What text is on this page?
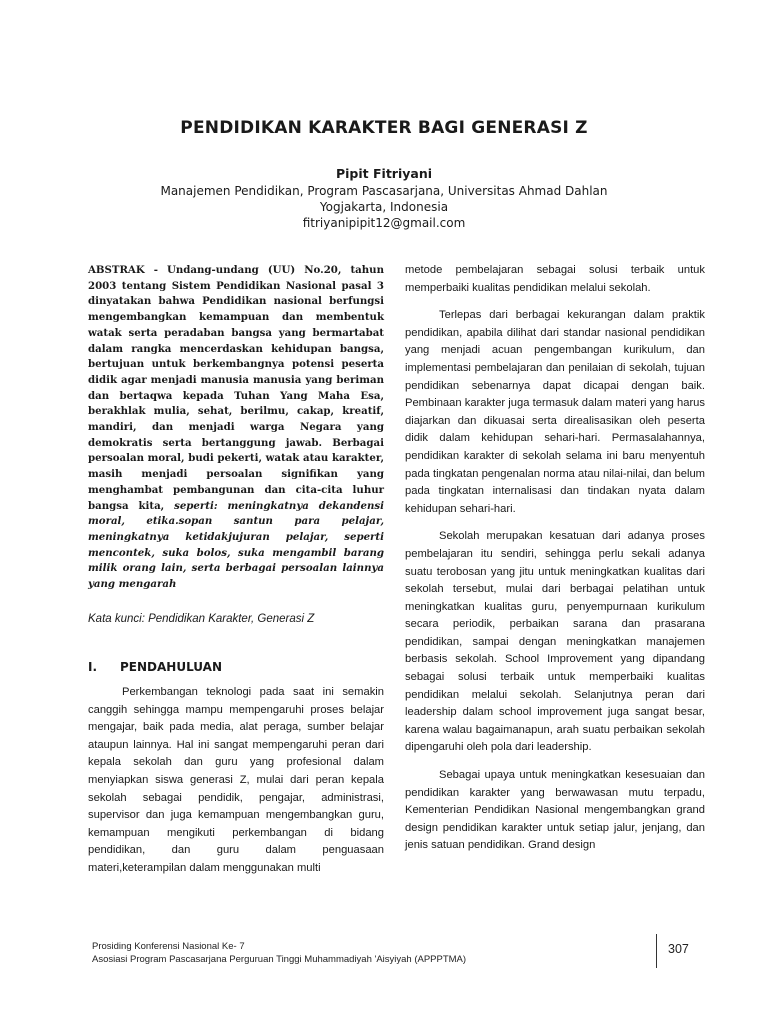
PENDIDIKAN KARAKTER BAGI GENERASI Z
Pipit Fitriyani
Manajemen Pendidikan, Program Pascasarjana, Universitas Ahmad Dahlan
Yogjakarta, Indonesia
fitriyanipipit12@gmail.com

ABSTRAK - Undang-undang (UU) No.20, tahun 2003 tentang Sistem Pendidikan Nasional pasal 3 dinyatakan bahwa Pendidikan nasional berfungsi mengembangkan kemampuan dan membentuk watak serta peradaban bangsa yang bermartabat dalam rangka mencerdaskan kehidupan bangsa, bertujuan untuk berkembangnya potensi peserta didik agar menjadi manusia manusia yang beriman dan bertaqwa kepada Tuhan Yang Maha Esa, berakhlak mulia, sehat, berilmu, cakap, kreatif, mandiri, dan menjadi warga Negara yang demokratis serta bertanggung jawab. Berbagai persoalan moral, budi pekerti, watak atau karakter, masih menjadi persoalan signifikan yang menghambat pembangunan dan cita-cita luhur bangsa kita, seperti: meningkatnya dekandensi moral, etika.sopan santun para pelajar, meningkatnya ketidakjujuran pelajar, seperti mencontek, suka bolos, suka mengambil barang milik orang lain, serta berbagai persoalan lainnya yang mengarah

Kata kunci: Pendidikan Karakter, Generasi Z
I. PENDAHULUAN

Perkembangan teknologi pada saat ini semakin canggih sehingga mampu mempengaruhi proses belajar mengajar, baik pada media, alat peraga, sumber belajar ataupun lainnya. Hal ini sangat mempengaruhi peran dari kepala sekolah dan guru yang profesional dalam menyiapkan siswa generasi Z, mulai dari peran kepala sekolah sebagai pendidik, pengajar, administrasi, supervisor dan juga kemampuan mengembangkan guru, kemampuan mengikuti perkembangan di bidang pendidikan, dan guru dalam penguasaan materi,keterampilan dalam menggunakan multi

metode pembelajaran sebagai solusi terbaik untuk memperbaiki kualitas pendidikan melalui sekolah.

Terlepas dari berbagai kekurangan dalam praktik pendidikan, apabila dilihat dari standar nasional pendidikan yang menjadi acuan pengembangan kurikulum, dan implementasi pembelajaran dan penilaian di sekolah, tujuan pendidikan sebenarnya dapat dicapai dengan baik. Pembinaan karakter juga termasuk dalam materi yang harus diajarkan dan dikuasai serta direalisasikan oleh peserta didik dalam kehidupan sehari-hari. Permasalahannya, pendidikan karakter di sekolah selama ini baru menyentuh pada tingkatan pengenalan norma atau nilai-nilai, dan belum pada tingkatan internalisasi dan tindakan nyata dalam kehidupan sehari-hari.

Sekolah merupakan kesatuan dari adanya proses pembelajaran itu sendiri, sehingga perlu sekali adanya suatu terobosan yang jitu untuk meningkatkan kualitas dari sekolah tersebut, mulai dari berbagai pelatihan untuk meningkatkan kualitas guru, penyempurnaan kurikulum secara periodik, perbaikan sarana dan prasarana pendidikan, sampai dengan meningkatkan manajemen berbasis sekolah. School Improvement yang dipandang sebagai solusi terbaik untuk memperbaiki kualitas pendidikan melalui sekolah. Selanjutnya peran dari leadership dalam school improvement juga sangat besar, karena walau bagaimanapun, arah suatu perbaikan sekolah dipengaruhi oleh pola dari leadership.

Sebagai upaya untuk meningkatkan kesesuaian dan pendidikan karakter yang berwawasan mutu terpadu, Kementerian Pendidikan Nasional mengembangkan grand design pendidikan karakter untuk setiap jalur, jenjang, dan jenis satuan pendidikan. Grand design

Prosiding Konferensi Nasional Ke- 7
Asosiasi Program Pascasarjana Perguruan Tinggi Muhammadiyah 'Aisyiyah (APPPTMA)
307
